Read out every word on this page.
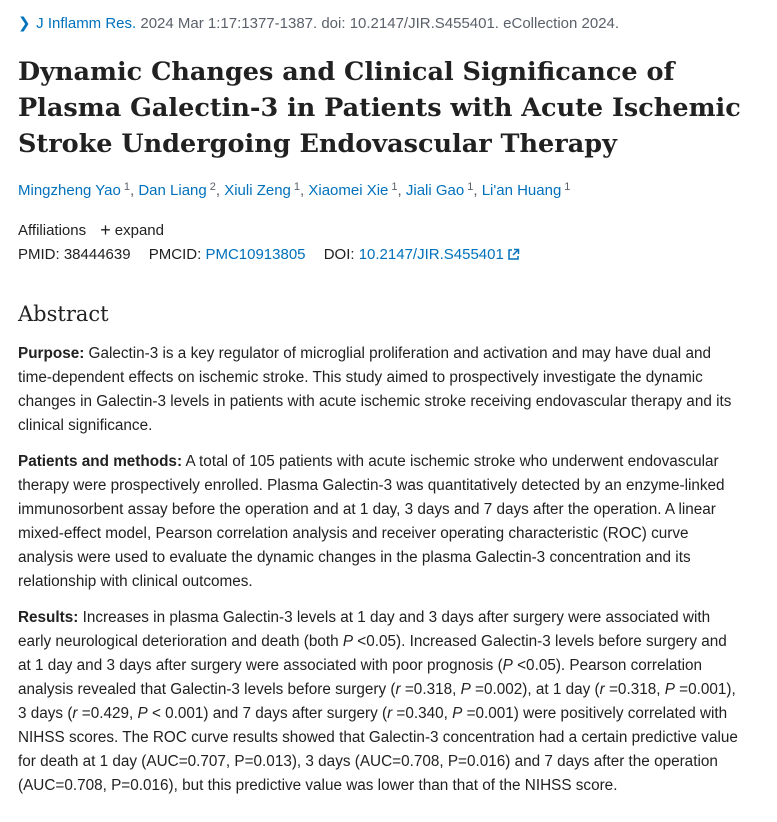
❯ J Inflamm Res. 2024 Mar 1:17:1377-1387. doi: 10.2147/JIR.S455401. eCollection 2024.
Dynamic Changes and Clinical Significance of Plasma Galectin-3 in Patients with Acute Ischemic Stroke Undergoing Endovascular Therapy
Mingzheng Yao $^1$, Dan Liang $^2$, Xiuli Zeng $^1$, Xiaomei Xie $^1$, Jiali Gao $^1$, Li'an Huang $^1$
Affiliations + expand
PMID: 38444639 PMCID: PMC10913805 DOI: 10.2147/JIR.S455401
Abstract

Purpose: Galectin-3 is a key regulator of microglial proliferation and activation and may have dual and time-dependent effects on ischemic stroke. This study aimed to prospectively investigate the dynamic changes in Galectin-3 levels in patients with acute ischemic stroke receiving endovascular therapy and its clinical significance.

Patients and methods: A total of 105 patients with acute ischemic stroke who underwent endovascular therapy were prospectively enrolled. Plasma Galectin-3 was quantitatively detected by an enzyme-linked immunosorbent assay before the operation and at 1 day, 3 days and 7 days after the operation. A linear mixed-effect model, Pearson correlation analysis and receiver operating characteristic (ROC) curve analysis were used to evaluate the dynamic changes in the plasma Galectin-3 concentration and its relationship with clinical outcomes.

Results: Increases in plasma Galectin-3 levels at 1 day and 3 days after surgery were associated with early neurological deterioration and death (both P <0.05). Increased Galectin-3 levels before surgery and at 1 day and 3 days after surgery were associated with poor prognosis (P <0.05). Pearson correlation analysis revealed that Galectin-3 levels before surgery (r =0.318, P =0.002), at 1 day (r =0.318, P =0.001), 3 days (r =0.429, P < 0.001) and 7 days after surgery (r =0.340, P =0.001) were positively correlated with NIHSS scores. The ROC curve results showed that Galectin-3 concentration had a certain predictive value for death at 1 day (AUC=0.707, P=0.013), 3 days (AUC=0.708, P=0.016) and 7 days after the operation (AUC=0.708, P=0.016), but this predictive value was lower than that of the NIHSS score.
